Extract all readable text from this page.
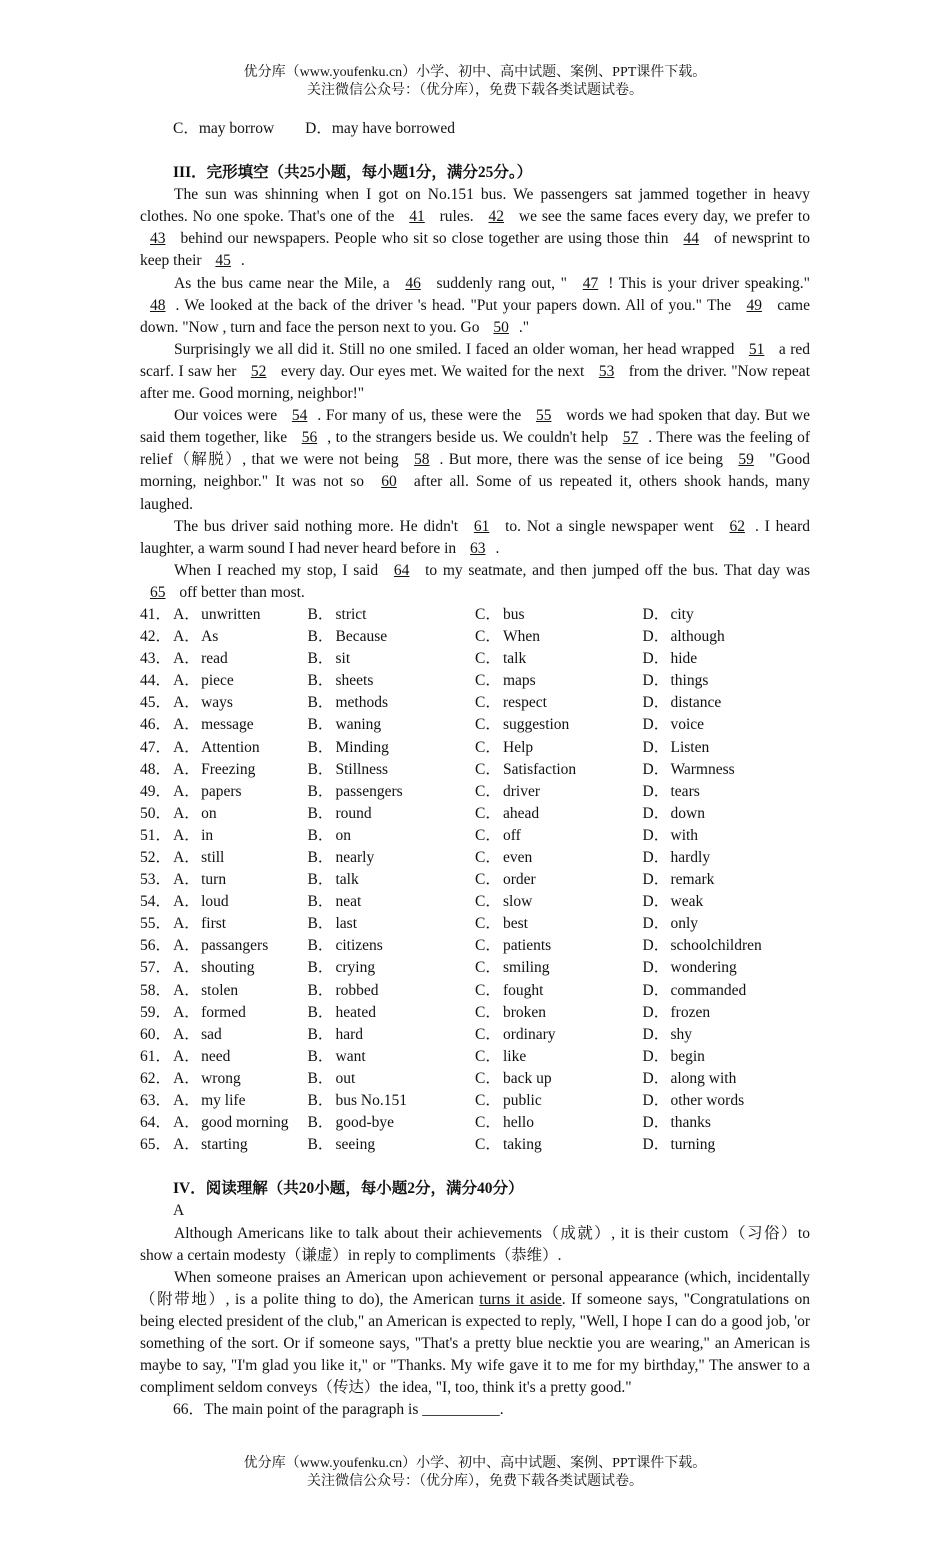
优分库（www.youfenku.cn）小学、初中、高中试题、案例、PPT课件下载。
关注微信公众号：（优分库），免费下载各类试题试卷。
C．may borrow　　D．may have borrowed
III．完形填空（共25小题，每小题1分，满分25分。）

The sun was shinning when I got on No.151 bus. We passengers sat jammed together in heavy clothes. No one spoke. That's one of the 41 rules. 42 we see the same faces every day, we prefer to 43 behind our newspapers. People who sit so close together are using those thin 44 of newsprint to keep their 45 .

As the bus came near the Mile, a 46 suddenly rang out, " 47 ! This is your driver speaking." 48 . We looked at the back of the driver 's head. "Put your papers down. All of you." The 49 came down. "Now , turn and face the person next to you. Go 50 ."

Surprisingly we all did it. Still no one smiled. I faced an older woman, her head wrapped 51 a red scarf. I saw her 52 every day. Our eyes met. We waited for the next 53 from the driver. "Now repeat after me. Good morning, neighbor!"

Our voices were 54 . For many of us, these were the 55 words we had spoken that day. But we said them together, like 56 , to the strangers beside us. We couldn't help 57 . There was the feeling of relief（解脱）, that we were not being 58 . But more, there was the sense of ice being 59 "Good morning, neighbor." It was not so 60 after all. Some of us repeated it, others shook hands, many laughed.

The bus driver said nothing more. He didn't 61 to. Not a single newspaper went 62 . I heard laughter, a warm sound I had never heard before in 63 .

When I reached my stop, I said 64 to my seatmate, and then jumped off the bus. That day was 65 off better than most.

41． A． unwritten	B． strict	C． bus	D． city
42． A． As	B． Because	C． When	D． although
43． A． read	B． sit	C． talk	D． hide
44． A． piece	B． sheets	C． maps	D． things
45． A． ways	B． methods	C． respect	D． distance
46． A． message	B． waning	C． suggestion	D． voice
47． A． Attention	B． Minding	C． Help	D． Listen
48． A． Freezing	B． Stillness	C． Satisfaction	D． Warmness
49． A． papers	B． passengers	C． driver	D． tears
50． A． on	B． round	C． ahead	D． down
51． A． in	B． on	C． off	D． with
52． A． still	B． nearly	C． even	D． hardly
53． A． turn	B． talk	C． order	D． remark
54． A． loud	B． neat	C． slow	D． weak
55． A． first	B． last	C． best	D． only
56． A． passangers	B． citizens	C． patients	D． schoolchildren
57． A． shouting	B． crying	C． smiling	D． wondering
58． A． stolen	B． robbed	C． fought	D． commanded
59． A． formed	B． heated	C． broken	D． frozen
60． A． sad	B． hard	C． ordinary	D． shy
61． A． need	B． want	C． like	D． begin
62． A． wrong	B． out	C． back up	D． along with
63． A． my life	B． bus No.151	C． public	D． other words
64． A． good morning B． good-bye	C． hello	D． thanks
65． A． starting	B． seeing	C． taking	D． turning
IV．阅读理解（共20小题，每小题2分，满分40分）
A

Although Americans like to talk about their achievements（成就）, it is their custom（习俗）to show a certain modesty（谦虚）in reply to compliments（恭维）.

When someone praises an American upon achievement or personal appearance (which, incidentally（附带地）, is a polite thing to do), the American turns it aside. If someone says, "Congratulations on being elected president of the club," an American is expected to reply, "Well, I hope I can do a good job, 'or something of the sort. Or if someone says, "That's a pretty blue necktie you are wearing," an American is maybe to say, "I'm glad you like it," or "Thanks. My wife gave it to me for my birthday," The answer to a compliment seldom conveys（传达）the idea, "I, too, think it's a pretty good."

66．The main point of the paragraph is __________.
优分库（www.youfenku.cn）小学、初中、高中试题、案例、PPT课件下载。
关注微信公众号：（优分库），免费下载各类试题试卷。
